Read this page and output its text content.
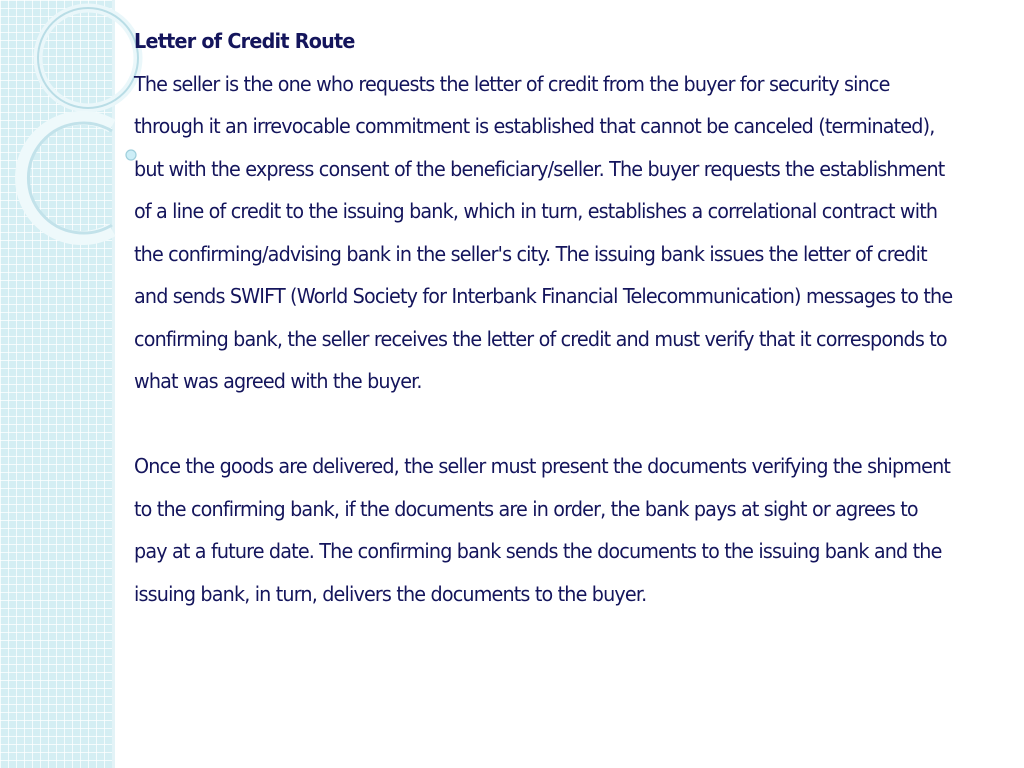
Letter of Credit Route

The seller is the one who requests the letter of credit from the buyer for security since through it an irrevocable commitment is established that cannot be canceled (terminated), but with the express consent of the beneficiary/seller. The buyer requests the establishment of a line of credit to the issuing bank, which in turn, establishes a correlational contract with the confirming/advising bank in the seller's city. The issuing bank issues the letter of credit and sends SWIFT (World Society for Interbank Financial Telecommunication) messages to the confirming bank, the seller receives the letter of credit and must verify that it corresponds to what was agreed with the buyer.

Once the goods are delivered, the seller must present the documents verifying the shipment to the confirming bank, if the documents are in order, the bank pays at sight or agrees to pay at a future date. The confirming bank sends the documents to the issuing bank and the issuing bank, in turn, delivers the documents to the buyer.
